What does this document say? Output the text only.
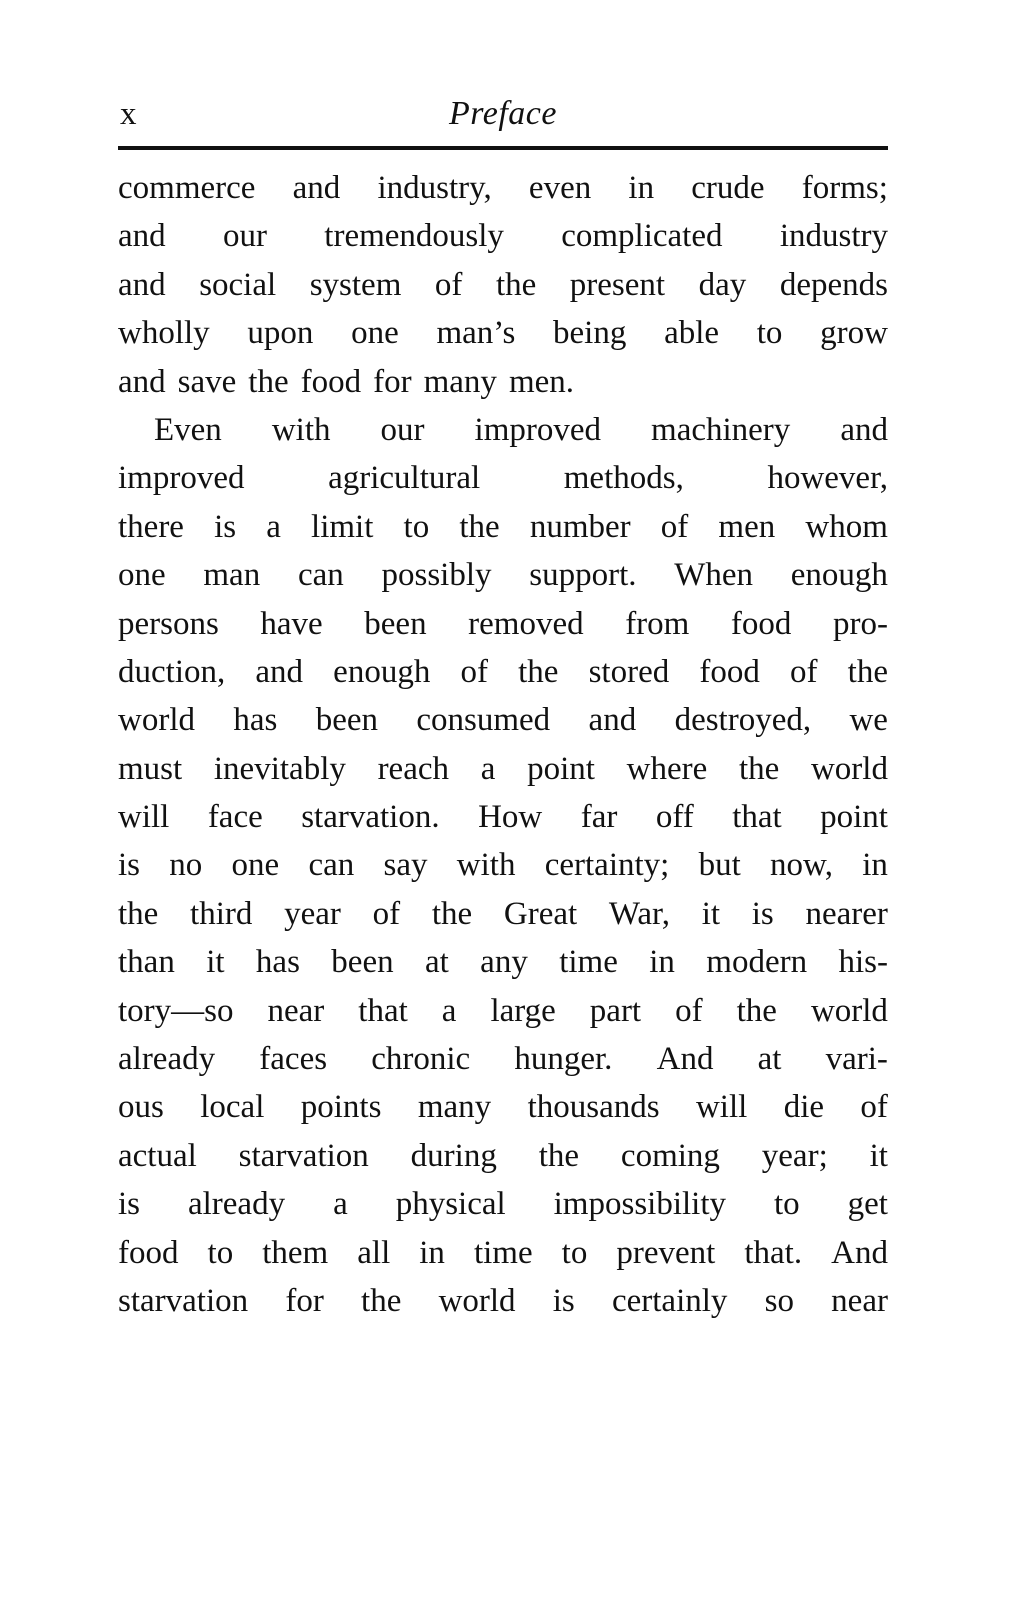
x	Preface
commerce and industry, even in crude forms;
and our tremendously complicated industry
and social system of the present day depends
wholly upon one man’s being able to grow
and save the food for many men.
Even with our improved machinery and
improved	agricultural	methods,	however,
there is a limit to the number of men whom
one man can possibly support. When enough
persons have been removed from food pro-
duction, and enough of the stored food of the
world has been consumed and destroyed, we
must inevitably reach a point where the world
will face starvation. How far off that point
is no one can say with certainty; but now, in
the third year of the Great War, it is nearer
than it has been at any time in modern his-
tory—so near that a large part of the world
already faces chronic hunger. And at vari-
ous local points many thousands will die of
actual starvation during the coming year; it
is already a physical impossibility to get
food to them all in time to prevent that. And
starvation for the world is certainly so near
